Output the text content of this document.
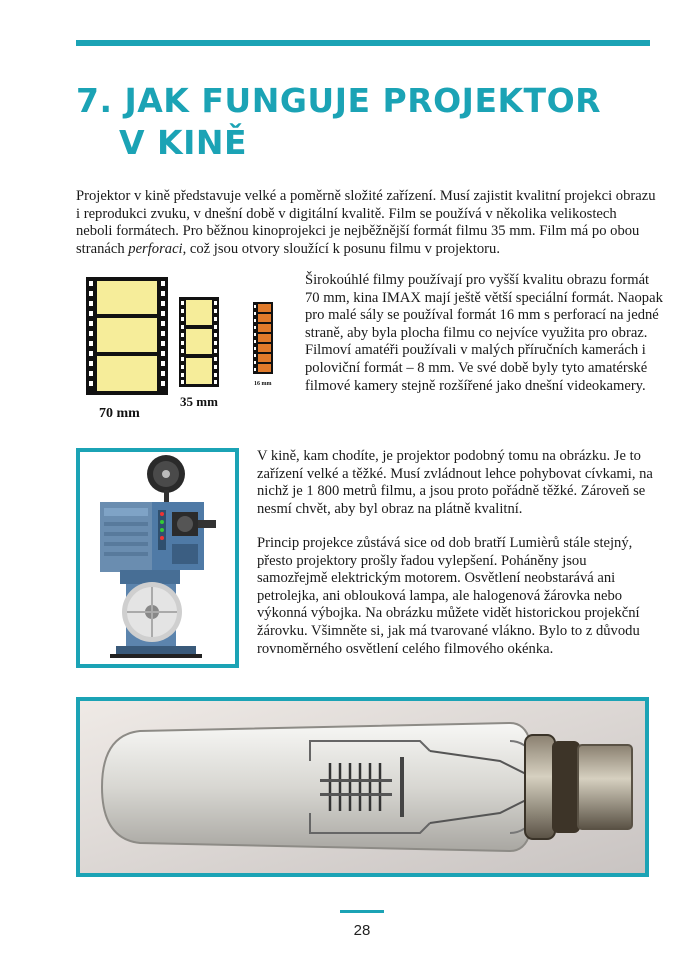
7. JAK FUNGUJE PROJEKTOR
V KINĚ

Projektor v kině představuje velké a poměrně složité zařízení. Musí zajistit kvalitní projekci obrazu i reprodukci zvuku, v dnešní době v digitální kvalitě. Film se používá v několika velikostech neboli formátech. Pro běžnou kinoprojekci je nejběžnější formát filmu 35 mm. Film má po obou stranách perforaci, což jsou otvory sloužící k posunu filmu v projektoru.

70 mm
35 mm
16 mm

Širokoúhlé filmy používají pro vyšší kvalitu obrazu formát 70 mm, kina IMAX mají ještě větší speciální formát. Naopak pro malé sály se používal formát 16 mm s perforací na jedné straně, aby byla plocha filmu co nejvíce využita pro obraz.

Filmoví amatéři používali v malých příručních kamerách i poloviční formát – 8 mm. Ve své době byly tyto amatérské filmové kamery stejně rozšířené jako dnešní videokamery.

V kině, kam chodíte, je projektor podobný tomu na obrázku. Je to zařízení velké a těžké. Musí zvládnout lehce pohybovat cívkami, na nichž je 1 800 metrů filmu, a jsou proto pořádně těžké. Zároveň se nesmí chvět, aby byl obraz na plátně kvalitní.

Princip projekce zůstává sice od dob bratří Lumièrů stále stejný, přesto projektory prošly řadou vylepšení. Poháněny jsou samozřejmě elektrickým motorem. Osvětlení neobstarává ani petrolejka, ani oblouková lampa, ale halogenová žárovka nebo výkonná výbojka. Na obrázku můžete vidět historickou projekční žárovku. Všimněte si, jak má tvarované vlákno. Bylo to z důvodu rovnoměrného osvětlení celého filmového okénka.

28
